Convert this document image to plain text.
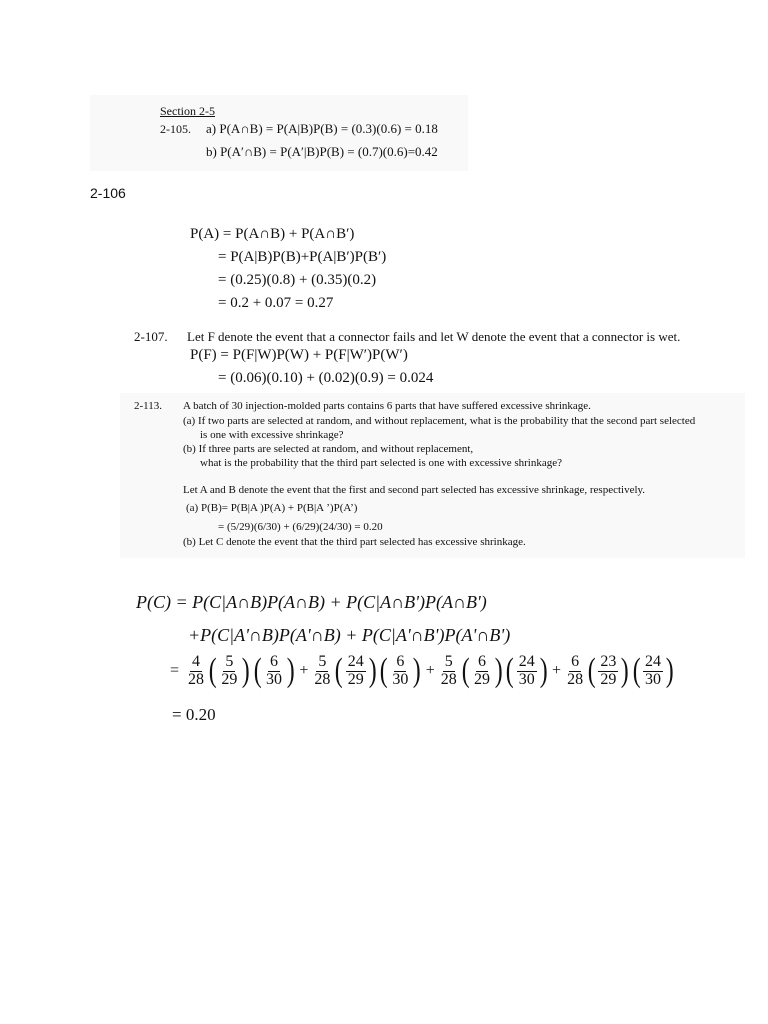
Section 2-5
2-105. a) P(A∩B) = P(A|B)P(B) = (0.3)(0.6) = 0.18
b) P(A′∩B) = P(A′|B)P(B) = (0.7)(0.6)=0.42
2-106
P(A) = P(A∩B) + P(A∩B′)
= P(A|B)P(B)+P(A|B′)P(B′)
= (0.25)(0.8) + (0.35)(0.2)
= 0.2 + 0.07 = 0.27
2-107. Let F denote the event that a connector fails and let W denote the event that a connector is wet.
P(F) = P(F|W)P(W) + P(F|W′)P(W′)
= (0.06)(0.10) + (0.02)(0.9) = 0.024
2-113. A batch of 30 injection-molded parts contains 6 parts that have suffered excessive shrinkage.
(a) If two parts are selected at random, and without replacement, what is the probability that the second part selected
is one with excessive shrinkage?
(b) If three parts are selected at random, and without replacement,
what is the probability that the third part selected is one with excessive shrinkage?
Let A and B denote the event that the first and second part selected has excessive shrinkage, respectively.
(a) P(B)= P(B|A )P(A) + P(B|A ’)P(A’)
= (5/29)(6/30) + (6/29)(24/30) = 0.20
(b) Let C denote the event that the third part selected has excessive shrinkage.
P(C) = P(C|A∩B)P(A∩B) + P(C|A∩B')P(A∩B')
+P(C|A'∩B)P(A'∩B) + P(C|A'∩B')P(A'∩B')
= $\frac{4}{28}$ ( $\frac{5}{29}$ ) ( $\frac{6}{30}$ ) + $\frac{5}{28}$ ( $\frac{24}{29}$ ) ( $\frac{6}{30}$ ) + $\frac{5}{28}$ ( $\frac{6}{29}$ ) ( $\frac{24}{30}$ ) + $\frac{6}{28}$ ( $\frac{23}{29}$ ) ( $\frac{24}{30}$ )
= 0.20
